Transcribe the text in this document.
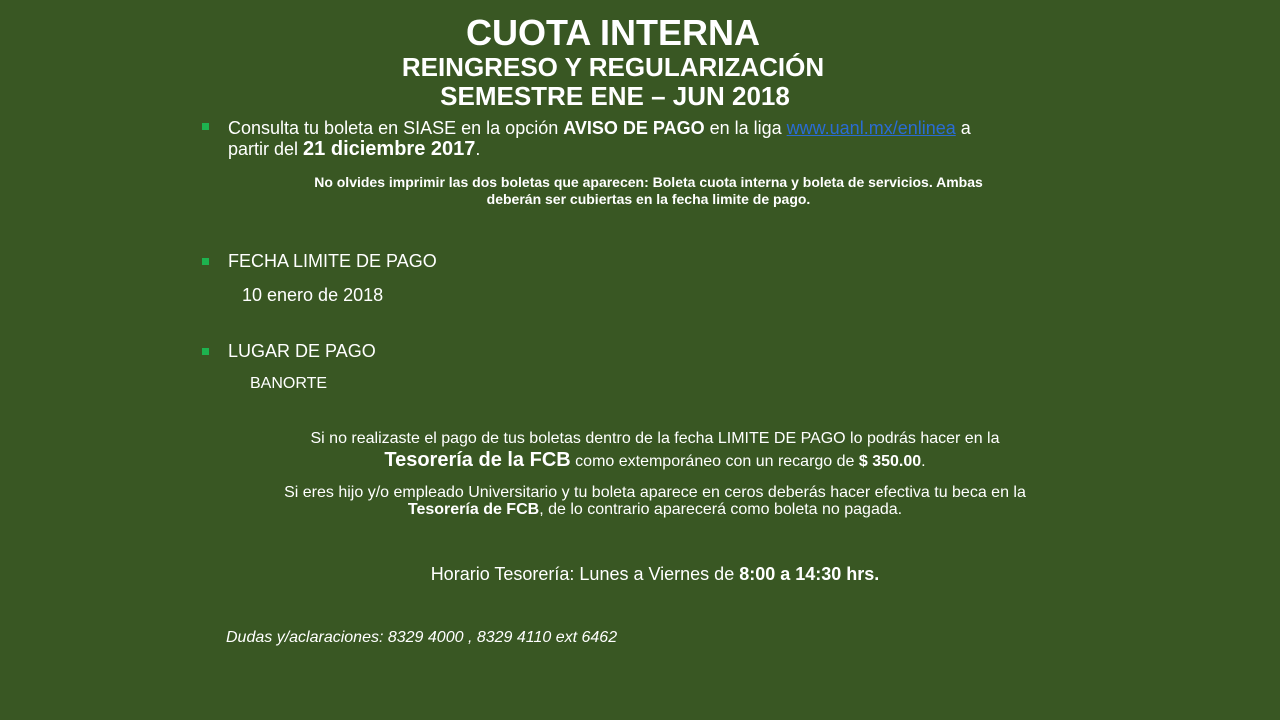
CUOTA INTERNA
REINGRESO Y REGULARIZACIÓN
SEMESTRE ENE – JUN 2018
Consulta tu boleta en SIASE en la opción AVISO DE PAGO en la liga www.uanl.mx/enlinea a
partir del 21 diciembre 2017.
No olvides imprimir las dos boletas que aparecen: Boleta cuota interna y boleta de servicios. Ambas
deberán ser cubiertas en la fecha limite de pago.
FECHA LIMITE DE PAGO
10 enero de 2018
LUGAR DE PAGO
BANORTE
Si no realizaste el pago de tus boletas dentro de la fecha LIMITE DE PAGO lo podrás hacer en la
Tesorería de la FCB como extemporáneo con un recargo de $ 350.00.
Si eres hijo y/o empleado Universitario y tu boleta aparece en ceros deberás hacer efectiva tu beca en la
Tesorería de FCB, de lo contrario aparecerá como boleta no pagada.
Horario Tesorería: Lunes a Viernes de 8:00 a 14:30 hrs.
Dudas y/aclaraciones: 8329 4000 , 8329 4110 ext 6462
